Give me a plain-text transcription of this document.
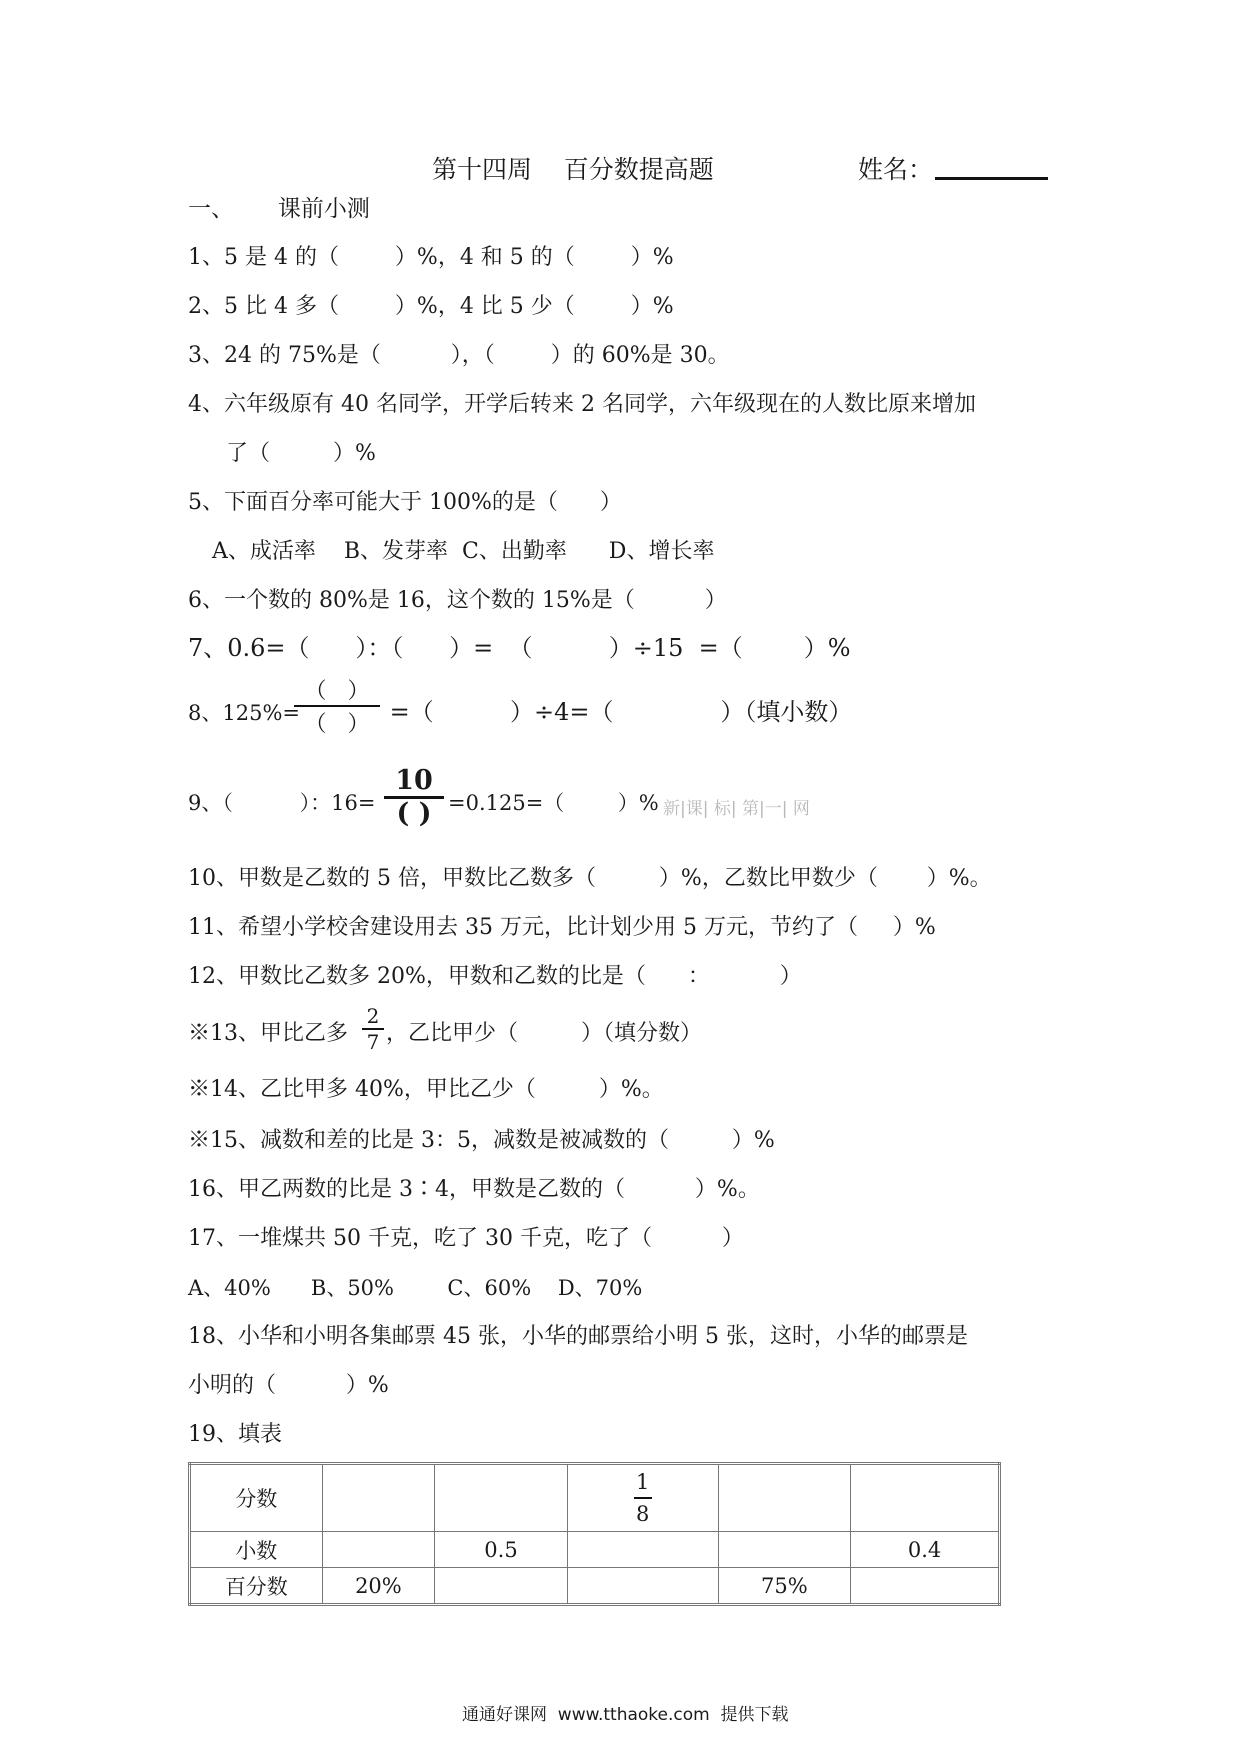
第十四周    百分数提高题	姓名：
一、      课前小测
1、5 是 4 的（        ）%，4 和 5 的（        ）%
2、5 比 4 多（        ）%，4 比 5 少（        ）%
3、24 的 75%是（          ），（        ）的 60%是 30。
4、六年级原有 40 名同学，开学后转来 2 名同学，六年级现在的人数比原来增加
了（         ）%
5、下面百分率可能大于 100%的是（      ）
A、成活率    B、发芽率  C、出勤率      D、增长率
6、一个数的 80%是 16，这个数的 15%是（          ）
7、0.6=（      ）：（      ）=  （          ）÷15  =（        ）%
8、125%=
（   ）
（   ） =（          ）÷4=（              ）（填小数）
9、（          ）：16=
10
( ) =0.125=（        ）% 新|课| 标| 第|一| 网
10、甲数是乙数的 5 倍，甲数比乙数多（         ）%，乙数比甲数少（       ）%。
11、希望小学校舍建设用去 35 万元，比计划少用 5 万元，节约了（     ）%
12、甲数比乙数多 20%，甲数和乙数的比是（      ：          ）
※13、甲比乙多
2
7 ，乙比甲少（         ）（填分数）
※14、乙比甲多 40%，甲比乙少（         ）%。
※15、减数和差的比是 3：5，减数是被减数的（         ）%
16、甲乙两数的比是 3∶4，甲数是乙数的（          ）%。
17、一堆煤共 50 千克，吃了 30 千克，吃了（          ）
A、40%      B、50%        C、60%    D、70%
18、小华和小明各集邮票 45 张，小华的邮票给小明 5 张，这时，小华的邮票是
小明的（          ）%
19、填表
分数			$\frac{1}{8}$		
小数		0.5			0.4
百分数	20%			75%	
通通好课网  www.tthaoke.com  提供下载
